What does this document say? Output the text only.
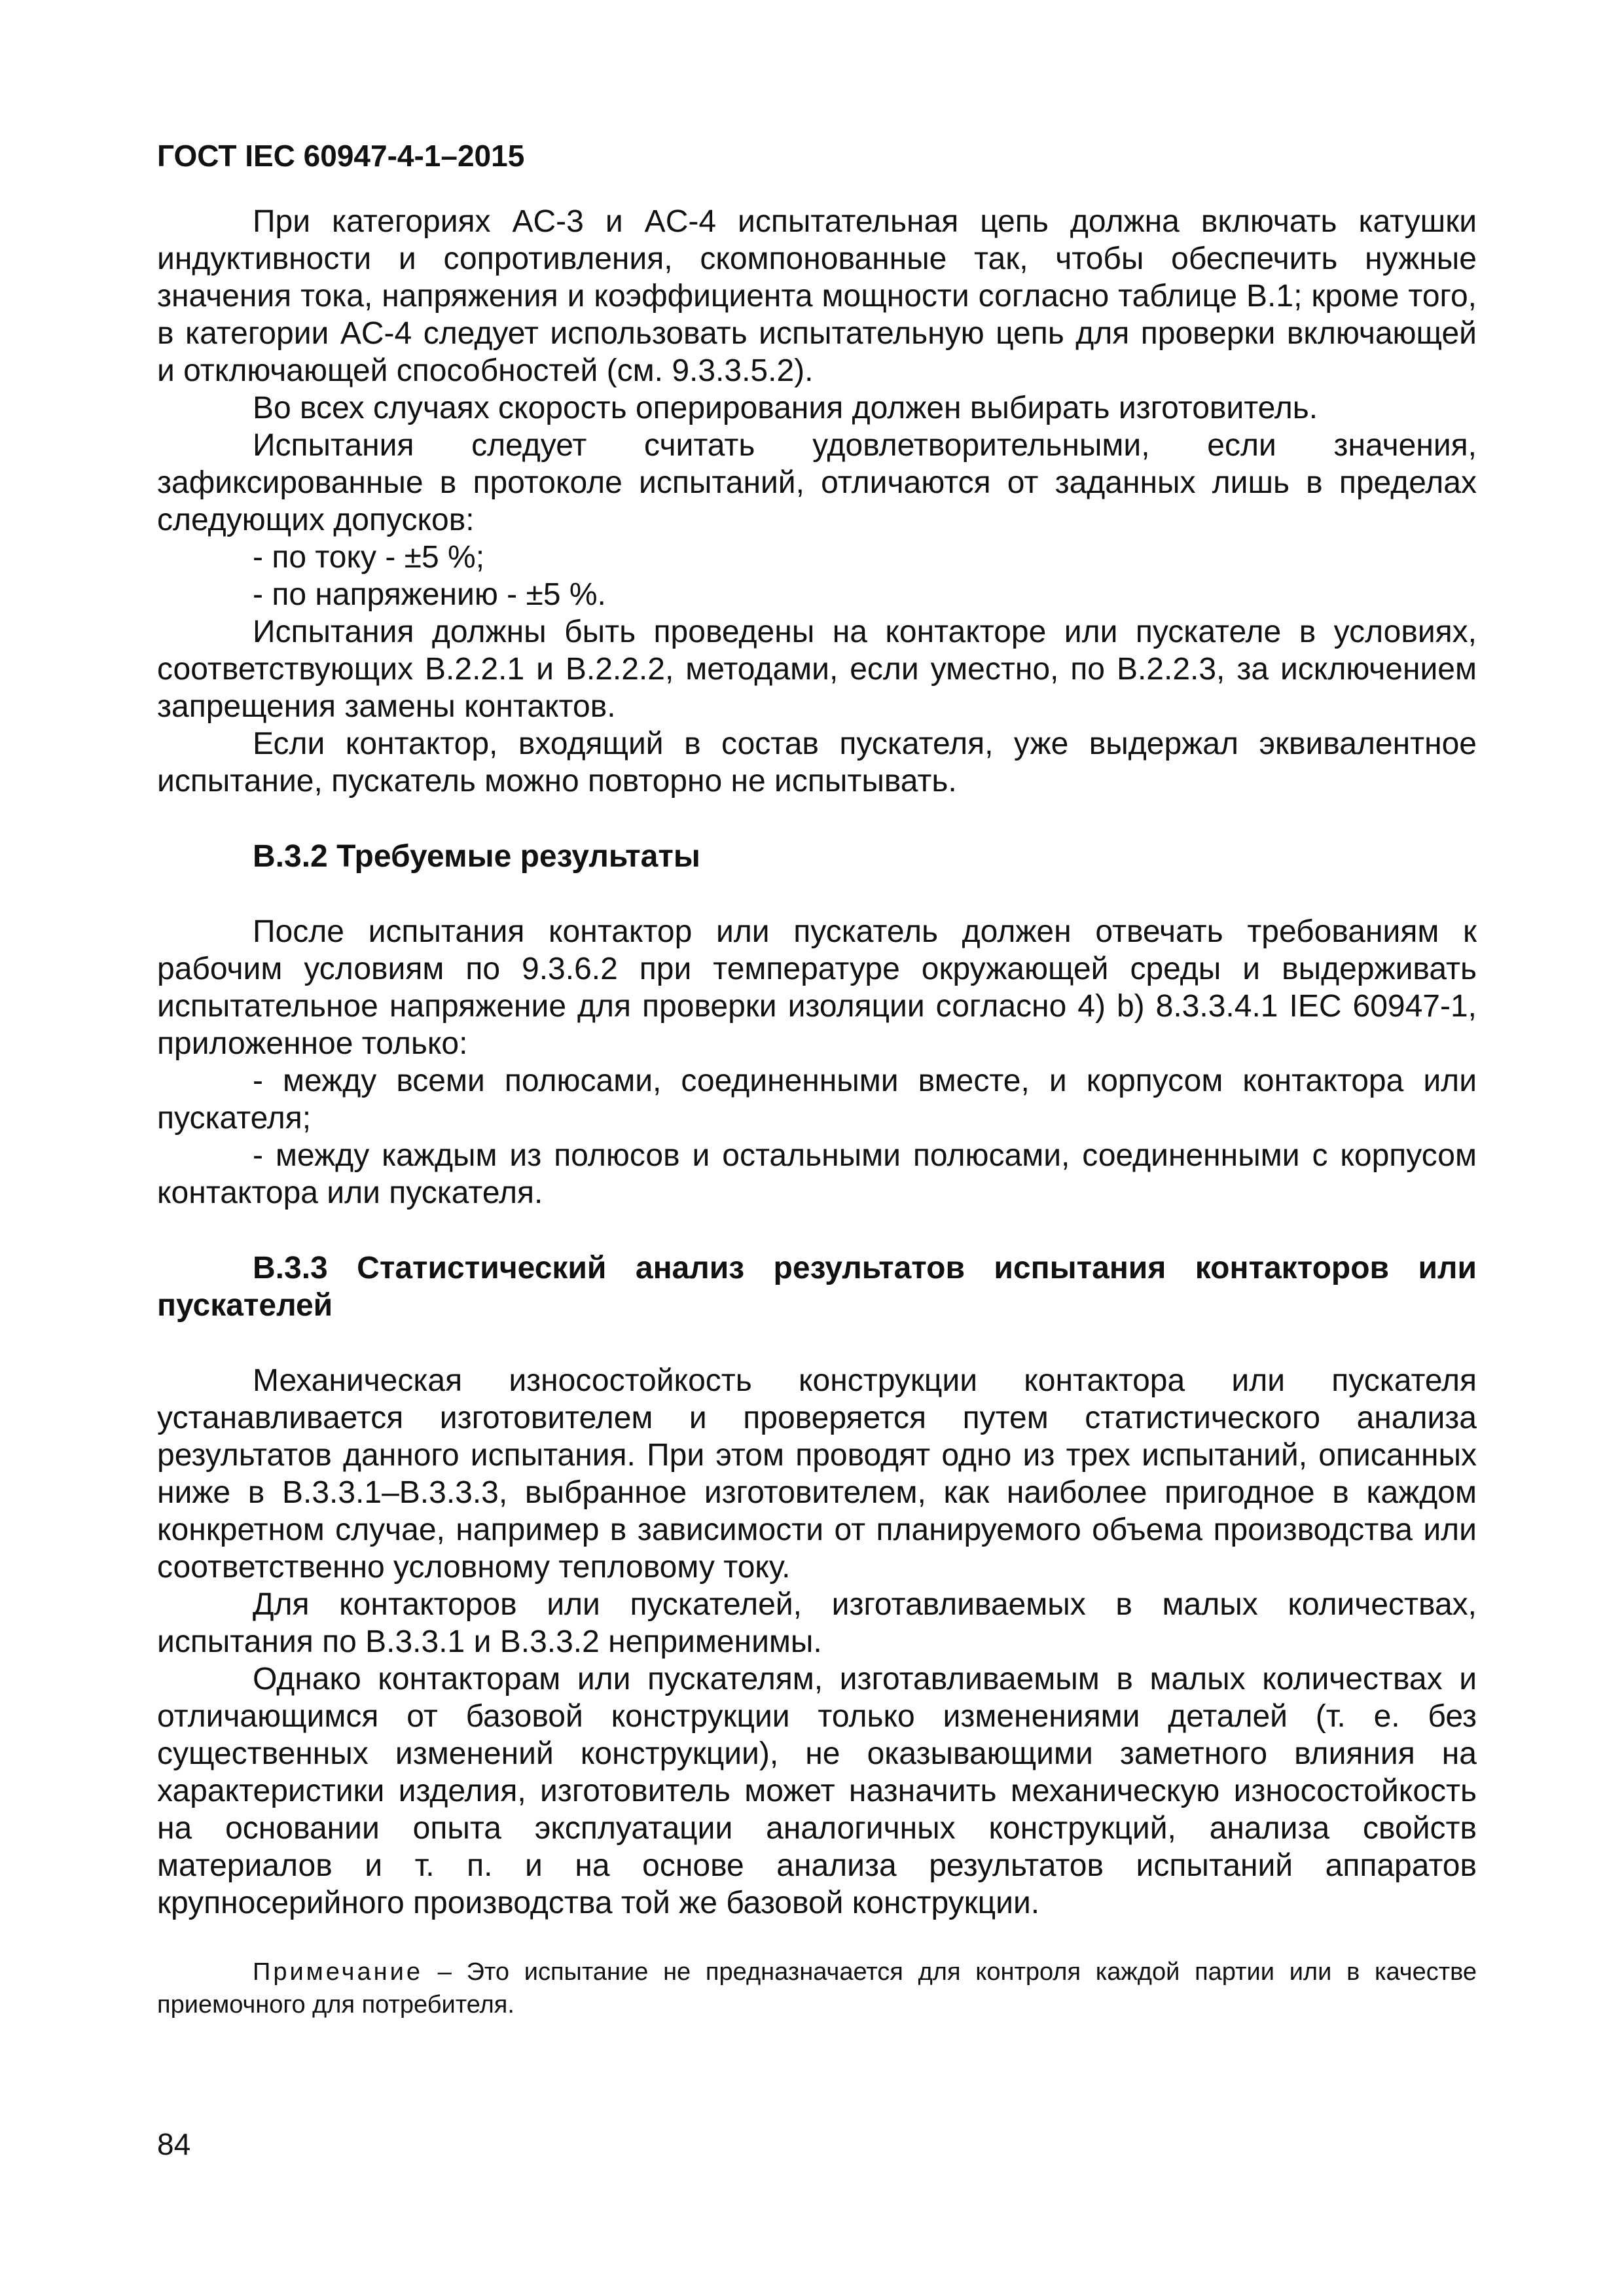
ГОСТ IEC 60947-4-1–2015

При категориях AC-3 и AC-4 испытательная цепь должна включать катушки индуктивности и сопротивления, скомпонованные так, чтобы обеспечить нужные значения тока, напряжения и коэффициента мощности согласно таблице B.1; кроме того, в категории AC-4 следует использовать испытательную цепь для проверки включающей и отключающей способностей (см. 9.3.3.5.2).

Во всех случаях скорость оперирования должен выбирать изготовитель.

Испытания следует считать удовлетворительными, если значения, зафиксированные в протоколе испытаний, отличаются от заданных лишь в пределах следующих допусков:

- по току - ±5 %;

- по напряжению - ±5 %.

Испытания должны быть проведены на контакторе или пускателе в условиях, соответствующих B.2.2.1 и B.2.2.2, методами, если уместно, по B.2.2.3, за исключением запрещения замены контактов.

Если контактор, входящий в состав пускателя, уже выдержал эквивалентное испытание, пускатель можно повторно не испытывать.

B.3.2 Требуемые результаты

После испытания контактор или пускатель должен отвечать требованиям к рабочим условиям по 9.3.6.2 при температуре окружающей среды и выдерживать испытательное напряжение для проверки изоляции согласно 4) b) 8.3.3.4.1 IEC 60947-1, приложенное только:

- между всеми полюсами, соединенными вместе, и корпусом контактора или пускателя;

- между каждым из полюсов и остальными полюсами, соединенными с корпусом контактора или пускателя.

B.3.3 Статистический анализ результатов испытания контакторов или пускателей

Механическая износостойкость конструкции контактора или пускателя устанавливается изготовителем и проверяется путем статистического анализа результатов данного испытания. При этом проводят одно из трех испытаний, описанных ниже в B.3.3.1–B.3.3.3, выбранное изготовителем, как наиболее пригодное в каждом конкретном случае, например в зависимости от планируемого объема производства или соответственно условному тепловому току.

Для контакторов или пускателей, изготавливаемых в малых количествах, испытания по B.3.3.1 и B.3.3.2 неприменимы.

Однако контакторам или пускателям, изготавливаемым в малых количествах и отличающимся от базовой конструкции только изменениями деталей (т. е. без существенных изменений конструкции), не оказывающими заметного влияния на характеристики изделия, изготовитель может назначить механическую износостойкость на основании опыта эксплуатации аналогичных конструкций, анализа свойств материалов и т. п. и на основе анализа результатов испытаний аппаратов крупносерийного производства той же базовой конструкции.

Примечание – Это испытание не предназначается для контроля каждой партии или в качестве приемочного для потребителя.
84
